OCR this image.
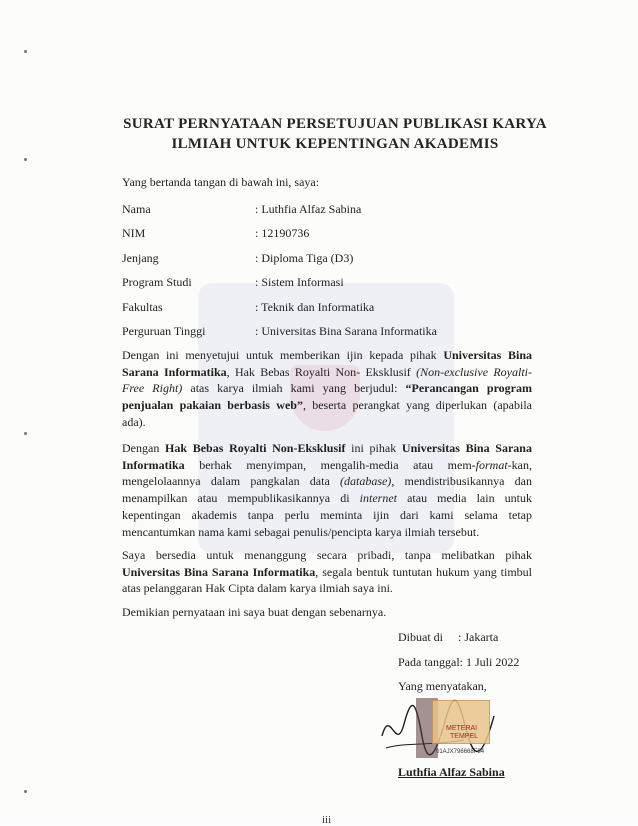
SURAT PERNYATAAN PERSETUJUAN PUBLIKASI KARYA
ILMIAH UNTUK KEPENTINGAN AKADEMIS
Yang bertanda tangan di bawah ini, saya:
Nama	: Luthfia Alfaz Sabina
NIM	: 12190736
Jenjang	: Diploma Tiga (D3)
Program Studi	: Sistem Informasi
Fakultas	: Teknik dan Informatika
Perguruan Tinggi	: Universitas Bina Sarana Informatika
Dengan ini menyetujui untuk memberikan ijin kepada pihak Universitas Bina Sarana Informatika, Hak Bebas Royalti Non- Eksklusif (Non-exclusive Royalti-Free Right) atas karya ilmiah kami yang berjudul: “Perancangan program penjualan pakaian berbasis web”, beserta perangkat yang diperlukan (apabila ada).
Dengan Hak Bebas Royalti Non-Eksklusif ini pihak Universitas Bina Sarana Informatika berhak menyimpan, mengalih-media atau mem-format-kan, mengelolaannya dalam pangkalan data (database), mendistribusikannya dan menampilkan atau mempublikasikannya di internet atau media lain untuk kepentingan akademis tanpa perlu meminta ijin dari kami selama tetap mencantumkan nama kami sebagai penulis/pencipta karya ilmiah tersebut.
Saya bersedia untuk menanggung secara pribadi, tanpa melibatkan pihak Universitas Bina Sarana Informatika, segala bentuk tuntutan hukum yang timbul atas pelanggaran Hak Cipta dalam karya ilmiah saya ini.
Demikian pernyataan ini saya buat dengan sebenarnya.
Dibuat di : Jakarta
Pada tanggal: 1 Juli 2022
Yang menyatakan,
METERAI
TEMPEL
01AJX796668F84
Luthfia Alfaz Sabina
iii
